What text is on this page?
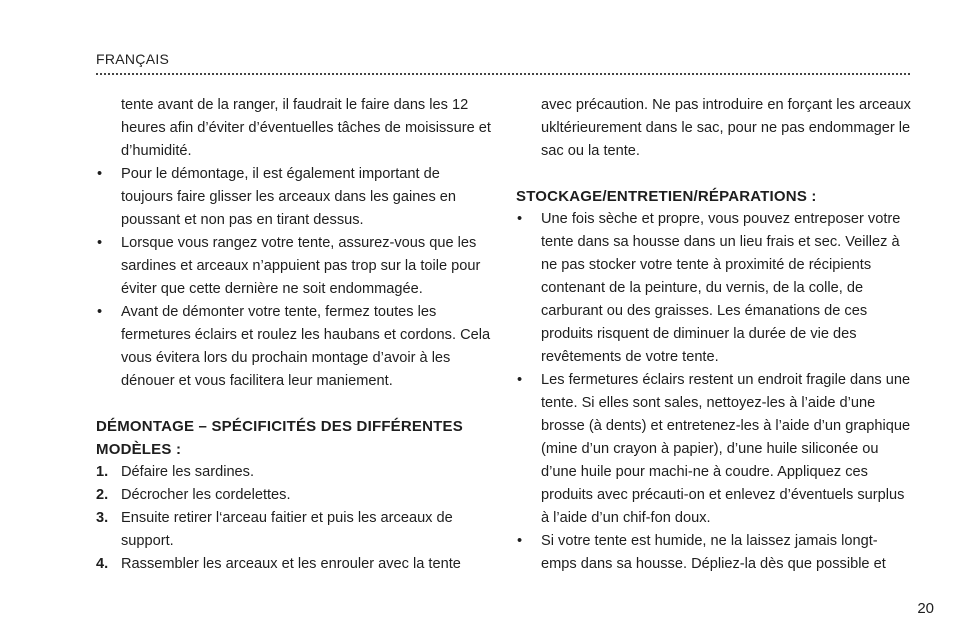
FRANÇAIS
tente avant de la ranger, il faudrait le faire dans les 12 heures afin d’éviter d’éventuelles tâches de moisissure et d’humidité.
• Pour le démontage, il est également important de toujours faire glisser les arceaux dans les gaines en poussant et non pas en tirant dessus.
• Lorsque vous rangez votre tente, assurez-vous que les sardines et arceaux n’appuient pas trop sur la toile pour éviter que cette dernière ne soit endommagée.
• Avant de démonter votre tente, fermez toutes les fermetures éclairs et roulez les haubans et cordons. Cela vous évitera lors du prochain montage d’avoir à les dénouer et vous facilitera leur maniement.
DÉMONTAGE – SPÉCIFICITÉS DES DIFFÉRENTES MODÈLES :
1. Défaire les sardines.
2. Décrocher les cordelettes.
3. Ensuite retirer l‘arceau faitier et puis les arceaux de support.
4. Rassembler les arceaux et les enrouler avec la tente
avec précaution. Ne pas introduire en forçant les arceaux ukltérieurement dans le sac, pour ne pas endommager le sac ou la tente.
STOCKAGE/ENTRETIEN/RÉPARATIONS :
• Une fois sèche et propre, vous pouvez entreposer votre tente dans sa housse dans un lieu frais et sec. Veillez à ne pas stocker votre tente à proximité de récipients contenant de la peinture, du vernis, de la colle, de carburant ou des graisses. Les émanations de ces produits risquent de diminuer la durée de vie des revêtements de votre tente.
• Les fermetures éclairs restent un endroit fragile dans une tente. Si elles sont sales, nettoyez-les à l’aide d’une brosse (à dents) et entretenez-les à l’aide d’un graphique (mine d’un crayon à papier), d’une huile siliconée ou d’une huile pour machi-ne à coudre. Appliquez ces produits avec précauti-on et enlevez d’éventuels surplus à l’aide d’un chif-fon doux.
• Si votre tente est humide, ne la laissez jamais longt-emps dans sa housse. Dépliez-la dès que possible et
20
